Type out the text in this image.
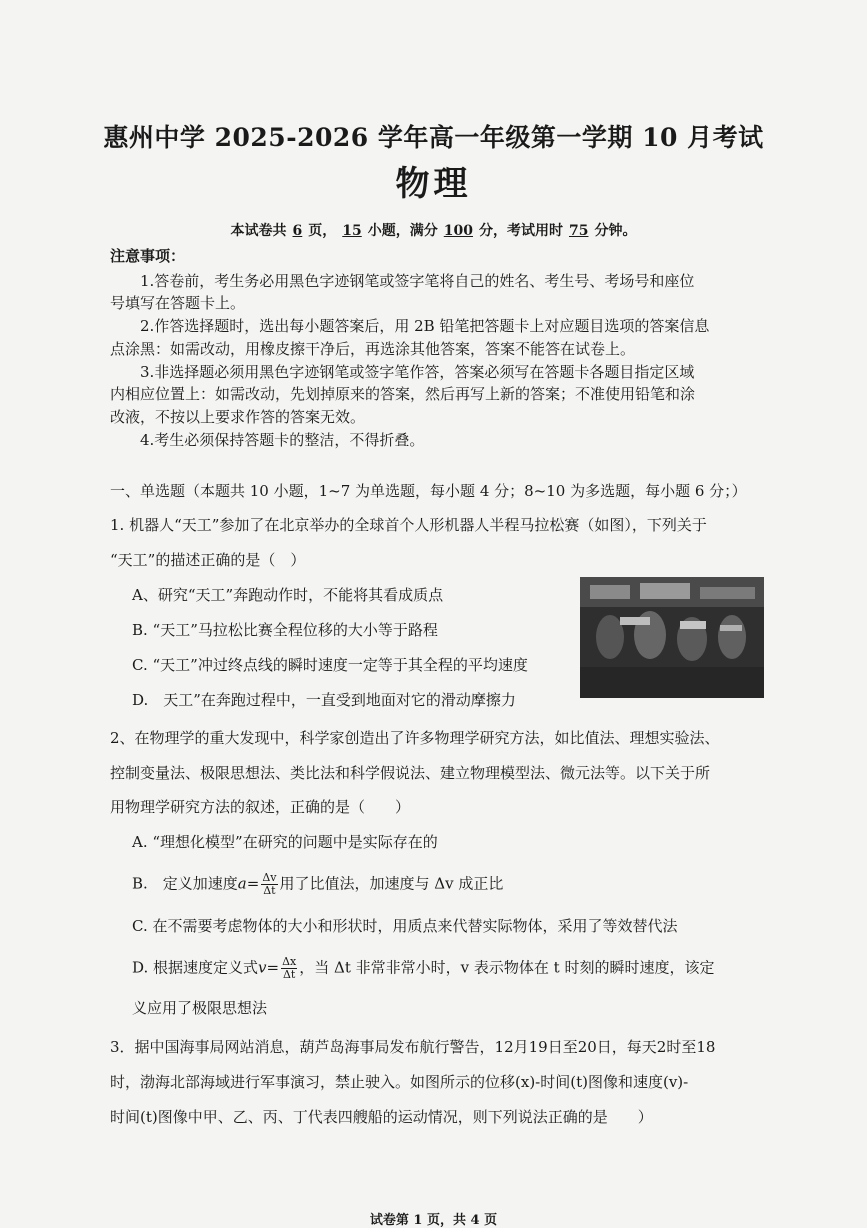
惠州中学 2025-2026 学年高一年级第一学期 10 月考试
物理
本试卷共 6 页， 15 小题，满分 100 分，考试用时 75 分钟。
注意事项：
1.答卷前，考生务必用黑色字迹钢笔或签字笔将自己的姓名、考生号、考场号和座位
号填写在答题卡上。
2.作答选择题时，选出每小题答案后，用 2B 铅笔把答题卡上对应题目选项的答案信息
点涂黑：如需改动，用橡皮擦干净后，再选涂其他答案，答案不能答在试卷上。
3.非选择题必须用黑色字迹钢笔或签字笔作答，答案必须写在答题卡各题目指定区域
内相应位置上：如需改动，先划掉原来的答案，然后再写上新的答案；不准使用铅笔和涂
改液，不按以上要求作答的答案无效。
4.考生必须保持答题卡的整洁，不得折叠。
一、单选题（本题共 10 小题，1~7 为单选题，每小题 4 分；8~10 为多选题，每小题 6 分；）
1. 机器人“天工”参加了在北京举办的全球首个人形机器人半程马拉松赛（如图），下列关于
“天工”的描述正确的是（　）
A、研究“天工”奔跑动作时，不能将其看成质点
B. “天工”马拉松比赛全程位移的大小等于路程
C. “天工”冲过终点线的瞬时速度一定等于其全程的平均速度
D.　天工”在奔跑过程中，一直受到地面对它的滑动摩擦力
2、在物理学的重大发现中，科学家创造出了许多物理学研究方法，如比值法、理想实验法、
控制变量法、极限思想法、类比法和科学假说法、建立物理模型法、微元法等。以下关于所
用物理学研究方法的叙述，正确的是（　　）
A. “理想化模型”在研究的问题中是实际存在的
B.　定义加速度$a= \frac{\Delta v}{\Delta t}$ 用了比值法，加速度与 Δv 成正比
C. 在不需要考虑物体的大小和形状时，用质点来代替实际物体，采用了等效替代法
D. 根据速度定义式$v= \frac{\Delta x}{\Delta t}$ ，当 Δt 非常非常小时，v 表示物体在 t 时刻的瞬时速度，该定
义应用了极限思想法
3．据中国海事局网站消息，葫芦岛海事局发布航行警告，12月19日至20日，每天2时至18
时，渤海北部海域进行军事演习，禁止驶入。如图所示的位移(x)-时间(t)图像和速度(v)-
时间(t)图像中甲、乙、丙、丁代表四艘船的运动情况，则下列说法正确的是　　）
试卷第 1 页，共 4 页
